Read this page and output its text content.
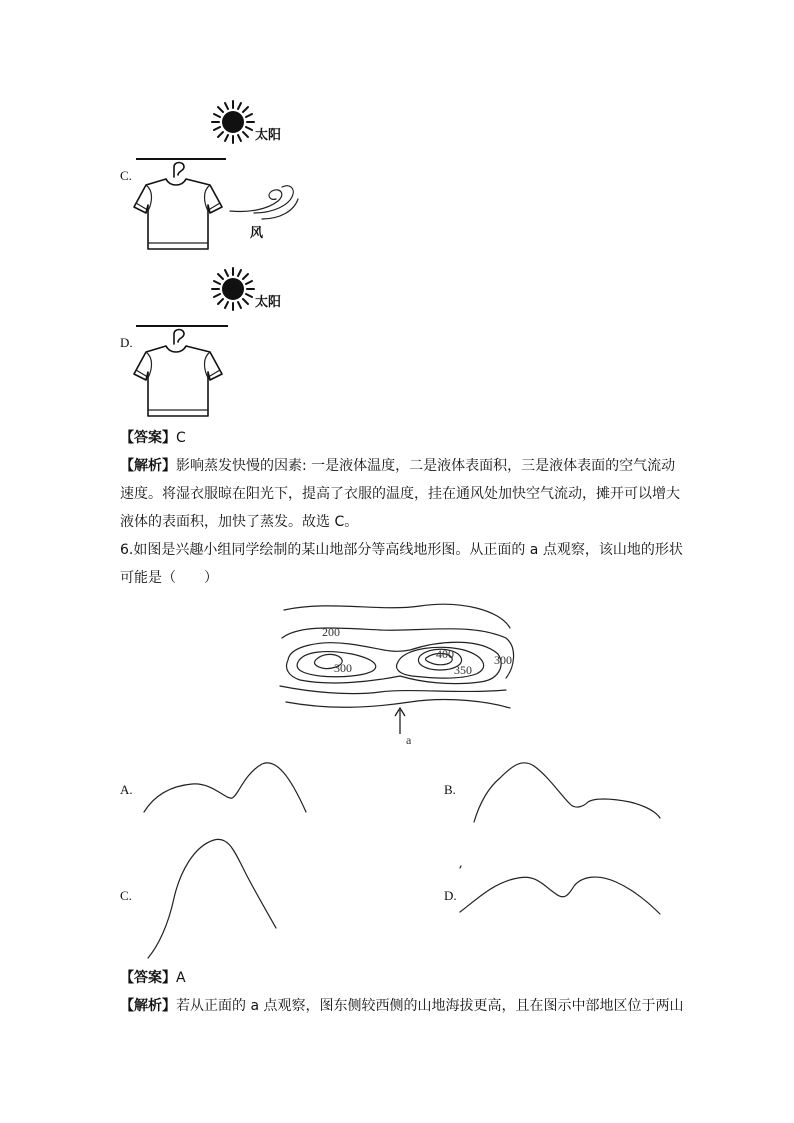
C.
太阳
风
D.
太阳
【答案】C
【解析】影响蒸发快慢的因素: 一是液体温度，二是液体表面积，三是液体表面的空气流动
速度。将湿衣服晾在阳光下，提高了衣服的温度，挂在通风处加快空气流动，摊开可以增大
液体的表面积，加快了蒸发。故选 C。
6.如图是兴趣小组同学绘制的某山地部分等高线地形图。从正面的 a 点观察，该山地的形状
可能是（　　）
200
300
400
350
300
a
A.	B.
C.	D.
【答案】A
【解析】若从正面的 a 点观察，图东侧较西侧的山地海拔更高，且在图示中部地区位于两山
